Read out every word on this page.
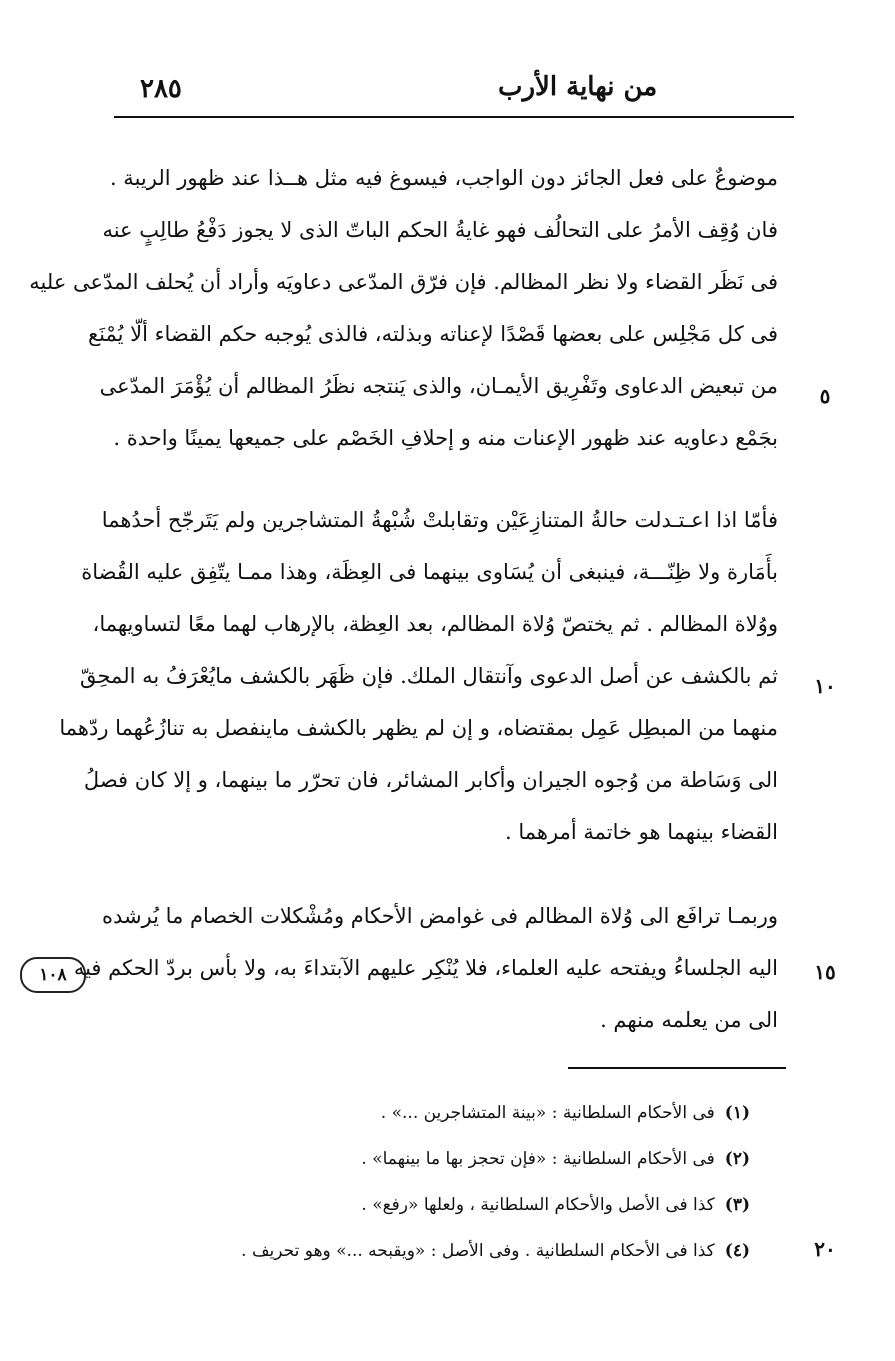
٢٨٥	من نهاية الأرب
موضوعٌ على فعل الجائز دون الواجب، فيسوغ فيه مثل هــذا عند ظهور الريبة .
فان وُقِف الأمرُ على التحالُف فهو غايةُ الحكم الباتّ الذى لا يجوز دَفْعُ طالِبٍ عنه
فى نَظَر القضاء ولا نظر المظالم. فإن فرّق المدّعى دعاويَه وأراد أن يُحلف المدّعى عليه
فى كل مَجْلِس على بعضها قَصْدًا لإعناته وبذلته، فالذى يُوجبه حكم القضاء ألّا يُمْنَع
من تبعيض الدعاوى وتَفْرِيق الأيمـان، والذى يَنتجه نظَرُ المظالم أن يُؤْمَرَ المدّعى
بجَمْع دعاويه عند ظهور الإعنات منه و إحلافِ الخَصْم على جميعها يمينًا واحدة .
فأمّا اذا اعـتـدلت حالةُ المتنازِعَيْن وتقابلتْ شُبْهةُ المتشاجرين ولم يَتَرجّح أحدُهما
بأَمَارة ولا ظِنّـــة، فينبغى أن يُسَاوى بينهما فى العِظَة، وهذا ممـا يتّفِق عليه القُضاة
ووُلاة المظالم . ثم يختصّ وُلاة المظالم، بعد العِظة، بالإرهاب لهما معًا لتساويهما،
ثم بالكشف عن أصل الدعوى وآنتقال الملك. فإن ظَهَر بالكشف مايُعْرَفُ به المحِقّ
منهما من المبطِل عَمِل بمقتضاه، و إن لم يظهر بالكشف ماينفصل به تنازُعُهما ردّهما
الى وَسَاطة من وُجوه الجيران وأكابر المشائر، فان تحرّر ما بينهما، و إلا كان فصلُ
القضاء بينهما هو خاتمة أمرهما .
وربمـا ترافَع الى وُلاة المظالم فى غوامض الأحكام ومُشْكلات الخصام ما يُرشده
اليه الجلساءُ ويفتحه عليه العلماء، فلا يُنْكِر عليهم الآبتداءَ به، ولا بأس بردّ الحكم فيه
الى من يعلمه منهم .
٥
١٠
١٥
٢٠
١٠٨
(١)فى الأحكام السلطانية : «بينة المتشاجرين ...» .
(٢)فى الأحكام السلطانية : «فإن تحجز بها ما بينهما» .
(٣)كذا فى الأصل والأحكام السلطانية ، ولعلها «رفع» .
(٤)كذا فى الأحكام السلطانية . وفى الأصل : «ويقبحه ...» وهو تحريف .
